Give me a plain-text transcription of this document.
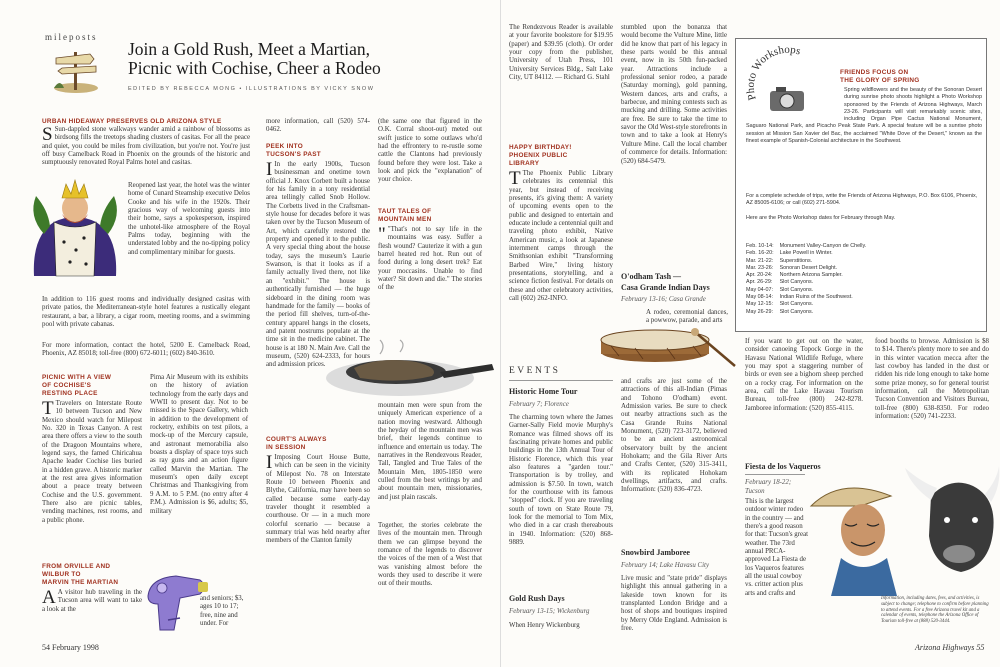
mileposts
Join a Gold Rush, Meet a Martian,
Picnic with Cochise, Cheer a Rodeo
EDITED BY REBECCA MONG • ILLUSTRATIONS BY VICKY SNOW
URBAN HIDEAWAY PRESERVES OLD ARIZONA STYLE
S Sun-dappled stone walkways wander amid a rainbow of blossoms as birdsong fills the treetops shading clusters of casitas. For all the peace and quiet, you could be miles from civilization, but you're not. You're just off busy Camelback Road in Phoenix on the grounds of the historic and sumptuously renovated Royal Palms hotel and casitas.
Reopened last year, the hotel was the winter home of Cunard Steamship executive Delos Cooke and his wife in the 1920s. Their gracious way of welcoming guests into their home, says a spokesperson, inspired the unhotel-like atmosphere of the Royal Palms today, beginning with the understated lobby and the no-tipping policy and complimentary minibar for guests.
In addition to 116 guest rooms and individually designed casitas with private patios, the Mediterranean-style hotel features a rustically elegant restaurant, a bar, a library, a cigar room, meeting rooms, and a swimming pool with private cabanas.
For more information, contact the hotel, 5200 E. Camelback Road, Phoenix, AZ 85018; toll-free (800) 672-6011; (602) 840-3610.
PICNIC WITH A VIEW
OF COCHISE'S
RESTING PLACE
T Travelers on Interstate Route 10 between Tucson and New Mexico should watch for Milepost No. 320 in Texas Canyon. A rest area there offers a view to the south of the Dragoon Mountains where, legend says, the famed Chiricahua Apache leader Cochise lies buried in a hidden grave. A historic marker at the rest area gives information about a peace treaty between Cochise and the U.S. government. There also are picnic tables, vending machines, rest rooms, and a public phone.
FROM ORVILLE AND
WILBUR TO
MARVIN THE MARTIAN
A A visitor hub traveling in the Tucson area will want to take a look at the
Pima Air Museum with its exhibits on the history of aviation technology from the early days and WWII to present day. Not to be missed is the Space Gallery, which in addition to the development of rocketry, exhibits on test pilots, a mock-up of the Mercury capsule, and astronaut memorabilia also boasts a display of space toys such as ray guns and an action figure called Marvin the Martian. The museum's open daily except Christmas and Thanksgiving from 9 A.M. to 5 P.M. (no entry after 4 P.M.). Admission is $6, adults; $5, military
and seniors; $3, ages 10 to 17; free, nine and under. For
more information, call (520) 574-0462.
PEEK INTO
TUCSON'S PAST
I In the early 1900s, Tucson businessman and onetime town official J. Knox Corbett built a house for his family in a tony residential area tellingly called Snob Hollow. The Corbetts lived in the Craftsman-style house for decades before it was taken over by the Tucson Museum of Art, which carefully restored the property and opened it to the public. A very special thing about the house today, says the museum's Laurie Swanson, is that it looks as if a family actually lived there, not like an "exhibit." The house is authentically furnished — the huge sideboard in the dining room was handmade for the family — books of the period fill shelves, turn-of-the-century apparel hangs in the closets, and patent nostrums populate at the time sit in the medicine cabinet. The house is at 180 N. Main Ave. Call the museum, (520) 624-2333, for hours and admission prices.
COURT'S ALWAYS
IN SESSION
I Imposing Court House Butte, which can be seen in the vicinity of Milepost No. 78 on Interstate Route 10 between Phoenix and Blythe, California, may have been so called because some early-day traveler thought it resembled a courthouse. Or — in a much more colorful scenario — because a summary trial was held nearby after members of the Clanton family
(the same one that figured in the O.K. Corral shoot-out) meted out swift justice to some outlaws who'd had the effrontery to re-rustle some cattle the Clantons had previously found before they were lost. Take a look and pick the "explanation" of your choice.
TAUT TALES OF
MOUNTAIN MEN
" "That's not to say life in the mountains was easy. Suffer a flesh wound? Cauterize it with a gun barrel heated red hot. Run out of food during a long desert trek? Eat your moccasins. Unable to find water? Sit down and die." The stories of the
mountain men were spun from the uniquely American experience of a nation moving westward. Although the heyday of the mountain men was brief, their legends continue to influence and entertain us today. The narratives in the Rendezvous Reader, Tall, Tangled and True Tales of the Mountain Men, 1805-1850 were culled from the best writings by and about mountain men, missionaries, and just plain rascals.
Together, the stories celebrate the lives of the mountain men. Through them we can glimpse beyond the romance of the legends to discover the voices of the men of a West that was vanishing almost before the words they used to describe it were out of their mouths.
54 February 1998
The Rendezvous Reader is available at your favorite bookstore for $19.95 (paper) and $39.95 (cloth). Or order your copy from the publisher, University of Utah Press, 101 University Services Bldg., Salt Lake City, UT 84112. — Richard G. Stahl
HAPPY BIRTHDAY!
PHOENIX PUBLIC
LIBRARY
T The Phoenix Public Library celebrates its centennial this year, but instead of receiving presents, it's giving them: A variety of upcoming events open to the public and designed to entertain and educate include a centennial quilt and traveling photo exhibit, Native American music, a look at Japanese internment camps through the Smithsonian exhibit "Transforming Barbed Wire," living history presentations, storytelling, and a science fiction festival. For details on these and other celebratory activities, call (602) 262-INFO.
EVENTS
Historic Home Tour
February 7; Florence
The charming town where the James Garner-Sally Field movie Murphy's Romance was filmed shows off its fascinating private homes and public buildings in the 13th Annual Tour of Historic Florence, which this year also features a "garden tour." Transportation is by trolley, and admission is $7.50. In town, watch for the courthouse with its famous "stopped" clock. If you are traveling south of town on State Route 79, look for the memorial to Tom Mix, who died in a car crash thereabouts in 1940. Information: (520) 868-9889.
Gold Rush Days
February 13-15; Wickenburg
When Henry Wickenburg
stumbled upon the bonanza that would become the Vulture Mine, little did he know that part of his legacy in these parts would be this annual event, now in its 50th fun-packed year. Attractions include a professional senior rodeo, a parade (Saturday morning), gold panning, Western dances, arts and crafts, a barbecue, and mining contests such as mucking and drilling. Some activities are free. Be sure to take the time to savor the Old West-style storefronts in town and to take a look at Henry's Vulture Mine. Call the local chamber of commerce for details. Information: (520) 684-5479.
O'odham Tash —
Casa Grande Indian Days
February 13-16; Casa Grande
A rodeo, ceremonial dances, a powwow, parade, and arts
and crafts are just some of the attractions of this all-Indian (Pimas and Tohono O'odham) event. Admission varies. Be sure to check out nearby attractions such as the Casa Grande Ruins National Monument, (520) 723-3172, believed to be an ancient astronomical observatory built by the ancient Hohokam; and the Gila River Arts and Crafts Center, (520) 315-3411, with its replicated Hohokam dwellings, artifacts, and crafts. Information: (520) 836-4723.
Snowbird Jamboree
February 14; Lake Havasu City
Live music and "state pride" displays highlight this annual gathering in a lakeside town known for its transplanted London Bridge and a host of shops and boutiques inspired by Merry Olde England. Admission is free.
Ph to Workshops
FRIENDS FOCUS ON
THE GLORY OF SPRING
Spring wildflowers and the beauty of the Sonoran Desert during sunrise photo shoots highlight a Photo Workshop sponsored by the Friends of Arizona Highways, March 23-26. Participants will visit remarkably scenic sites, including Organ Pipe Cactus National Monument, Saguaro National Park, and Picacho Peak State Park. A special feature will be a sunrise photo session at Mission San Xavier del Bac, the acclaimed "White Dove of the Desert," known as the finest example of Spanish-Colonial architecture in the Southwest.
For a complete schedule of trips, write the Friends of Arizona Highways, P.O. Box 6106, Phoenix, AZ 85005-6106; or call (602) 271-5904.
Here are the Photo Workshop dates for February through May.
Feb. 10-14:	Monument Valley-Canyon de Chelly.
Feb. 16-20:	Lake Powell in Winter.
Mar. 21-22:	Superstitions.
Mar. 23-26:	Sonoran Desert Delight.
Apr. 20-24:	Northern Arizona Sampler.
Apr. 26-29:	Slot Canyons.
May 04-07:	Slot Canyons.
May 08-14:	Indian Ruins of the Southwest.
May 12-15:	Slot Canyons.
May 26-29:	Slot Canyons.
If you want to get out on the water, consider canoeing Topock Gorge in the Havasu National Wildlife Refuge, where you may spot a staggering number of birds or even see a bighorn sheep perched on a rocky crag. For information on the area, call the Lake Havasu Tourism Bureau, toll-free (800) 242-8278. Jamboree information: (520) 855-4115.
Fiesta de los Vaqueros
February 18-22; Tucson
This is the largest outdoor winter rodeo in the country — and there's a good reason for that: Tucson's great weather. The 73rd annual PRCA-approved La Fiesta de los Vaqueros features all the usual cowboy vs. critter action plus arts and crafts and
food booths to browse. Admission is $8 to $14. There's plenty more to see and do in this winter vacation mecca after the last cowboy has landed in the dust or ridden his ride long enough to take home some prize money, so for general tourist information, call the Metropolitan Tucson Convention and Visitors Bureau, toll-free (800) 638-8350. For rodeo information: (520) 741-2233.
Information, including dates, fees, and activities, is subject to change; telephone to confirm before planning to attend events. For a free Arizona travel kit and a calendar of events, telephone the Arizona Office of Tourism toll-free at (888) 520-3444.
Arizona Highways 55
